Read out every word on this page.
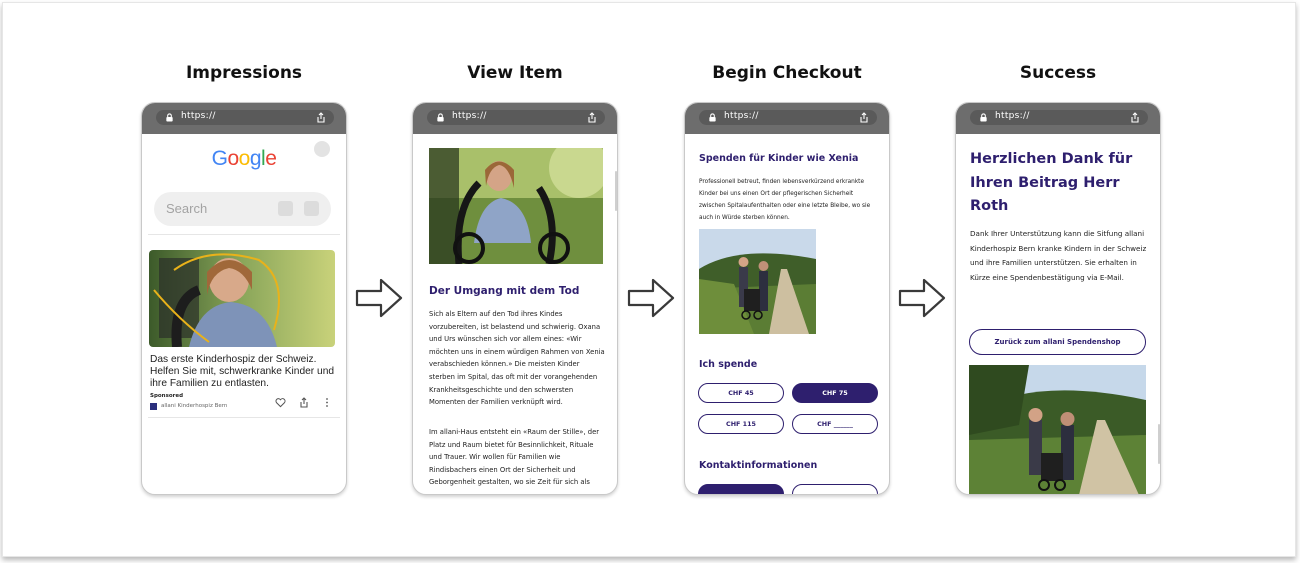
Impressions	View Item	Begin Checkout	Success
https://
Google
Search
Das erste Kinderhospiz der Schweiz. Helfen Sie mit, schwerkranke Kinder und ihre Familien zu entlasten.
Sponsored
allani Kinderhospiz Bern
https://
Der Umgang mit dem Tod
Sich als Eltern auf den Tod ihres Kindes vorzubereiten, ist belastend und schwierig. Oxana und Urs wünschen sich vor allem eines: «Wir möchten uns in einem würdigen Rahmen von Xenia verabschieden können.» Die meisten Kinder sterben im Spital, das oft mit der vorangehenden Krankheitsgeschichte und den schwersten Momenten der Familien verknüpft wird.
Im allani-Haus entsteht ein «Raum der Stille», der Platz und Raum bietet für Besinnlichkeit, Rituale und Trauer. Wir wollen für Familien wie Rindisbachers einen Ort der Sicherheit und Geborgenheit gestalten, wo sie Zeit für sich als
https://
Spenden für Kinder wie Xenia
Professionell betreut, finden lebensverkürzend erkrankte Kinder bei uns einen Ort der pflegerischen Sicherheit zwischen Spitalaufenthalten oder eine letzte Bleibe, wo sie auch in Würde sterben können.
Ich spende
CHF 45	CHF 75
CHF 115	CHF ______
Kontaktinformationen
https://
Herzlichen Dank für Ihren Beitrag Herr Roth
Dank Ihrer Unterstützung kann die Sitfung allani Kinderhospiz Bern kranke Kindern in der Schweiz und ihre Familien unterstützen. Sie erhalten in Kürze eine Spendenbestätigung via E-Mail.
Zurück zum allani Spendenshop
